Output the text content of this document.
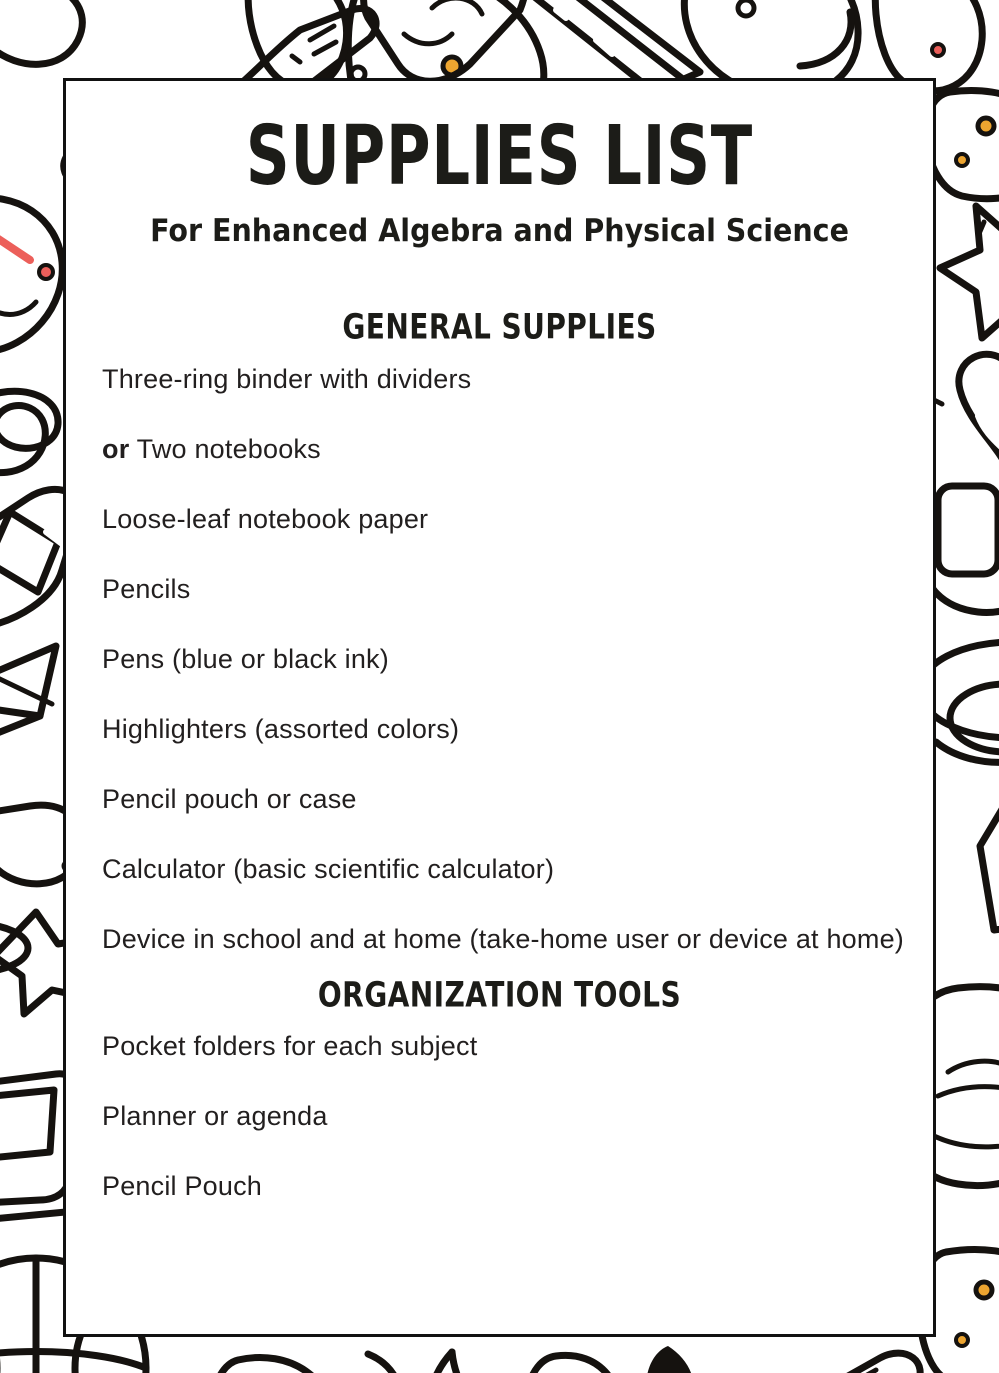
SUPPLIES LIST
For Enhanced Algebra and Physical Science
GENERAL SUPPLIES
Three-ring binder with dividers
or Two notebooks
Loose-leaf notebook paper
Pencils
Pens (blue or black ink)
Highlighters (assorted colors)
Pencil pouch or case
Calculator (basic scientific calculator)
Device in school and at home (take-home user or device at home)
ORGANIZATION TOOLS
Pocket folders for each subject
Planner or agenda
Pencil Pouch
